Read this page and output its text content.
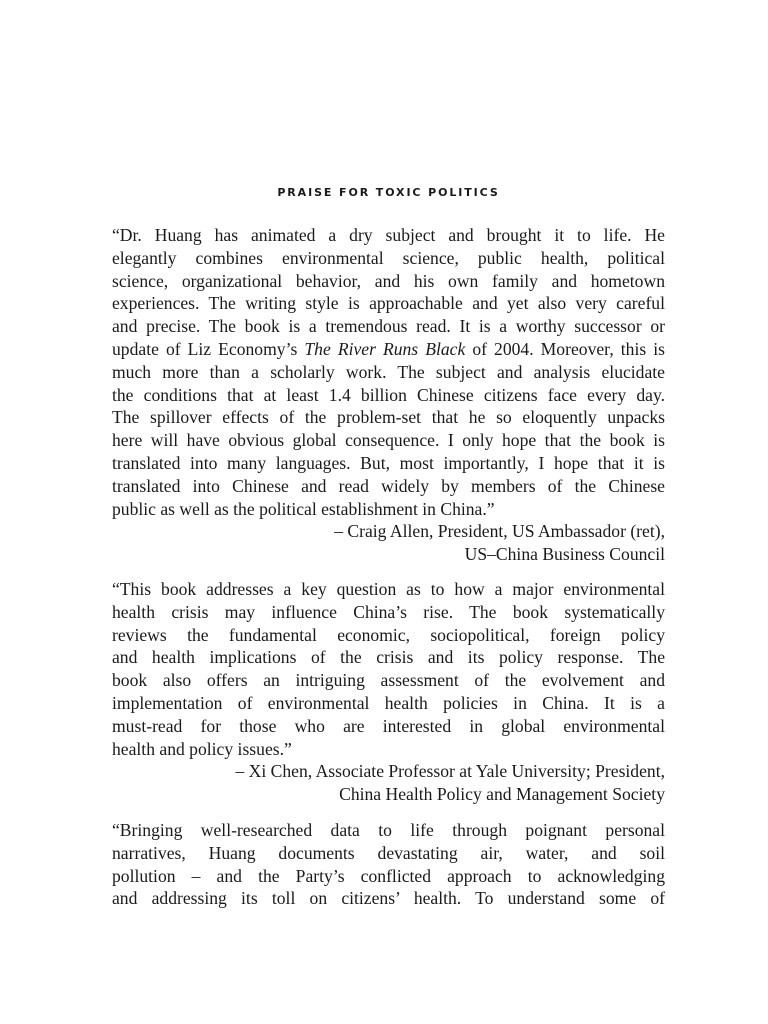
PRAISE FOR TOXIC POLITICS

“Dr. Huang has animated a dry subject and brought it to life. He
elegantly combines environmental science, public health, political
science, organizational behavior, and his own family and hometown
experiences. The writing style is approachable and yet also very careful
and precise. The book is a tremendous read. It is a worthy successor or
update of Liz Economy’s The River Runs Black of 2004. Moreover, this is
much more than a scholarly work. The subject and analysis elucidate
the conditions that at least 1.4 billion Chinese citizens face every day.
The spillover effects of the problem-set that he so eloquently unpacks
here will have obvious global consequence. I only hope that the book is
translated into many languages. But, most importantly, I hope that it is
translated into Chinese and read widely by members of the Chinese
public as well as the political establishment in China.”

– Craig Allen, President, US Ambassador (ret),
US–China Business Council

“This book addresses a key question as to how a major environmental
health crisis may influence China’s rise. The book systematically
reviews the fundamental economic, sociopolitical, foreign policy
and health implications of the crisis and its policy response. The
book also offers an intriguing assessment of the evolvement and
implementation of environmental health policies in China. It is a
must-read for those who are interested in global environmental
health and policy issues.”

– Xi Chen, Associate Professor at Yale University; President,
China Health Policy and Management Society

“Bringing well-researched data to life through poignant personal
narratives, Huang documents devastating air, water, and soil
pollution – and the Party’s conflicted approach to acknowledging
and addressing its toll on citizens’ health. To understand some of
